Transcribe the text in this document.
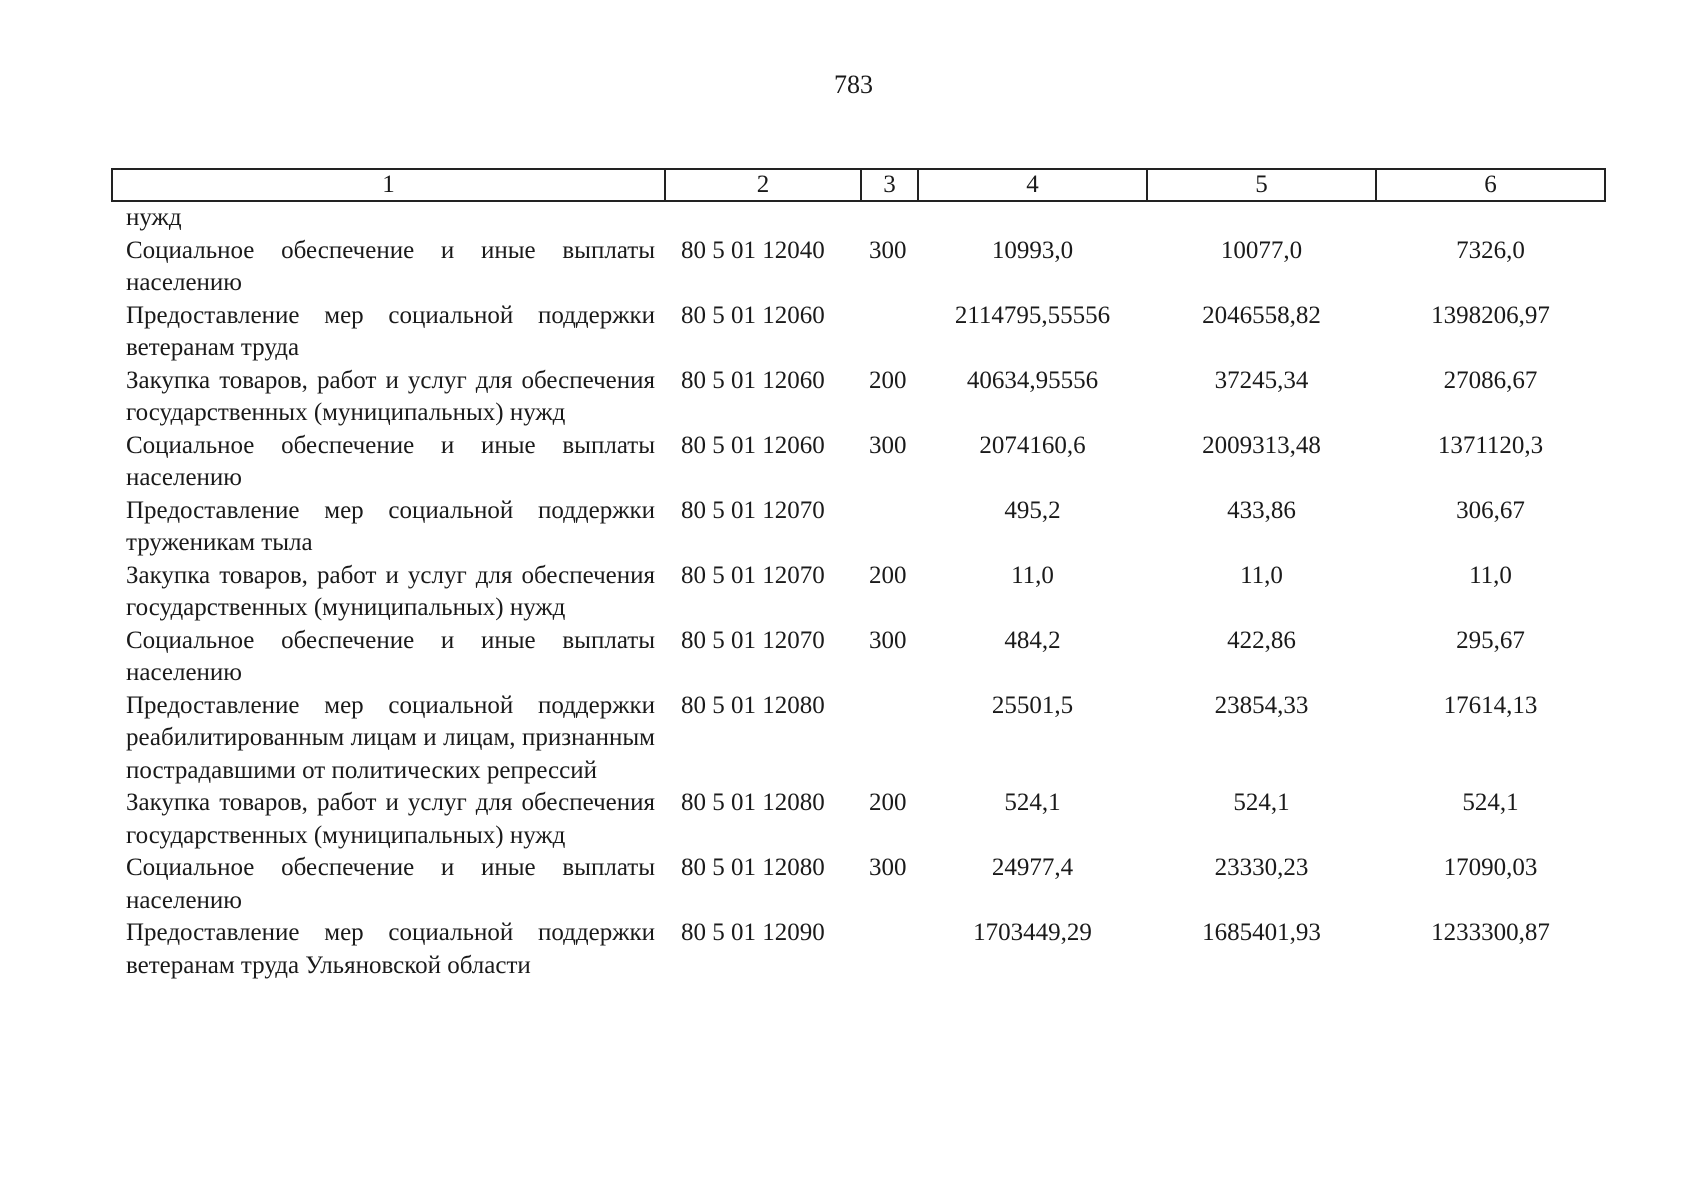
783
1	2	3	4	5	6
нужд					
Социальное обеспечение и иные выплаты населению	80 5 01 12040	300	10993,0	10077,0	7326,0
Предоставление мер социальной поддержки ветеранам труда	80 5 01 12060		2114795,55556	2046558,82	1398206,97
Закупка товаров, работ и услуг для обеспечения государственных (муниципальных) нужд	80 5 01 12060	200	40634,95556	37245,34	27086,67
Социальное обеспечение и иные выплаты населению	80 5 01 12060	300	2074160,6	2009313,48	1371120,3
Предоставление мер социальной поддержки труженикам тыла	80 5 01 12070		495,2	433,86	306,67
Закупка товаров, работ и услуг для обеспечения государственных (муниципальных) нужд	80 5 01 12070	200	11,0	11,0	11,0
Социальное обеспечение и иные выплаты населению	80 5 01 12070	300	484,2	422,86	295,67
Предоставление мер социальной поддержки реабилитированным лицам и лицам, признанным пострадавшими от политических репрессий	80 5 01 12080		25501,5	23854,33	17614,13
Закупка товаров, работ и услуг для обеспечения государственных (муниципальных) нужд	80 5 01 12080	200	524,1	524,1	524,1
Социальное обеспечение и иные выплаты населению	80 5 01 12080	300	24977,4	23330,23	17090,03
Предоставление мер социальной поддержки ветеранам труда Ульяновской области	80 5 01 12090		1703449,29	1685401,93	1233300,87
